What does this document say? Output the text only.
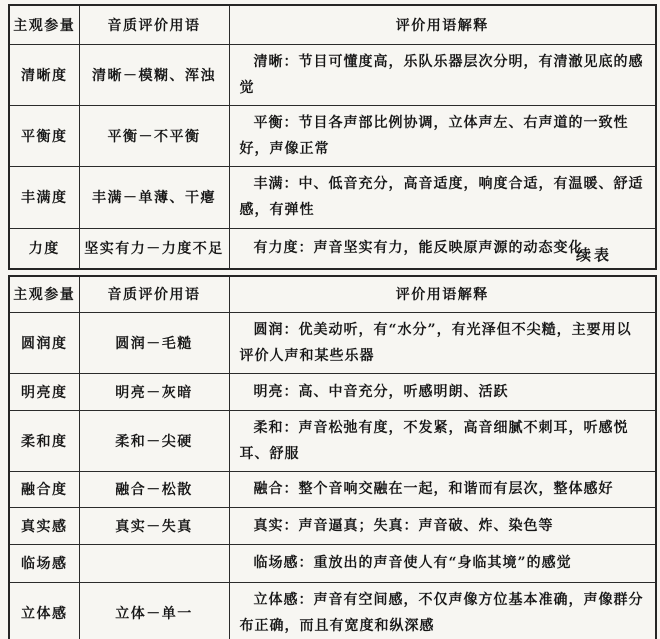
主观参量	音质评价用语	评价用语解释
清晰度	清晰－模糊、浑浊	清晰：节目可懂度高，乐队乐器层次分明，有清澈见底的感觉
平衡度	平衡－不平衡	平衡：节目各声部比例协调，立体声左、右声道的一致性好，声像正常
丰满度	丰满－单薄、干瘪	丰满：中、低音充分，高音适度，响度合适，有温暖、舒适感，有弹性
力度	坚实有力－力度不足	有力度：声音坚实有力，能反映原声源的动态变化
续表
主观参量	音质评价用语	评价用语解释
圆润度	圆润－毛糙	圆润：优美动听，有“水分”，有光泽但不尖糙，主要用以评价人声和某些乐器
明亮度	明亮－灰暗	明亮：高、中音充分，听感明朗、活跃
柔和度	柔和－尖硬	柔和：声音松弛有度，不发紧，高音细腻不刺耳，听感悦耳、舒服
融合度	融合－松散	融合：整个音响交融在一起，和谐而有层次，整体感好
真实感	真实－失真	真实：声音逼真；失真：声音破、炸、染色等
临场感		临场感：重放出的声音使人有“身临其境”的感觉
立体感	立体－单一	立体感：声音有空间感，不仅声像方位基本准确，声像群分布正确，而且有宽度和纵深感
